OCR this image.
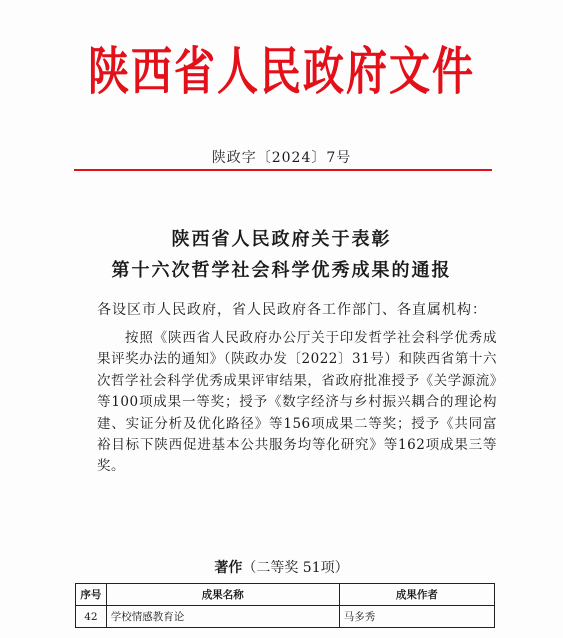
陕西省人民政府文件
陕政字〔2024〕7号
陕西省人民政府关于表彰
第十六次哲学社会科学优秀成果的通报
各设区市人民政府，省人民政府各工作部门、各直属机构：
按照《陕西省人民政府办公厅关于印发哲学社会科学优秀成果评奖办法的通知》（陕政办发〔2022〕31号）和陕西省第十六次哲学社会科学优秀成果评审结果，省政府批准授予《关学源流》等100项成果一等奖；授予《数字经济与乡村振兴耦合的理论构建、实证分析及优化路径》等156项成果二等奖；授予《共同富裕目标下陕西促进基本公共服务均等化研究》等162项成果三等奖。
著作（二等奖 51项）
序号	成果名称	成果作者
42	学校情感教育论	马多秀
